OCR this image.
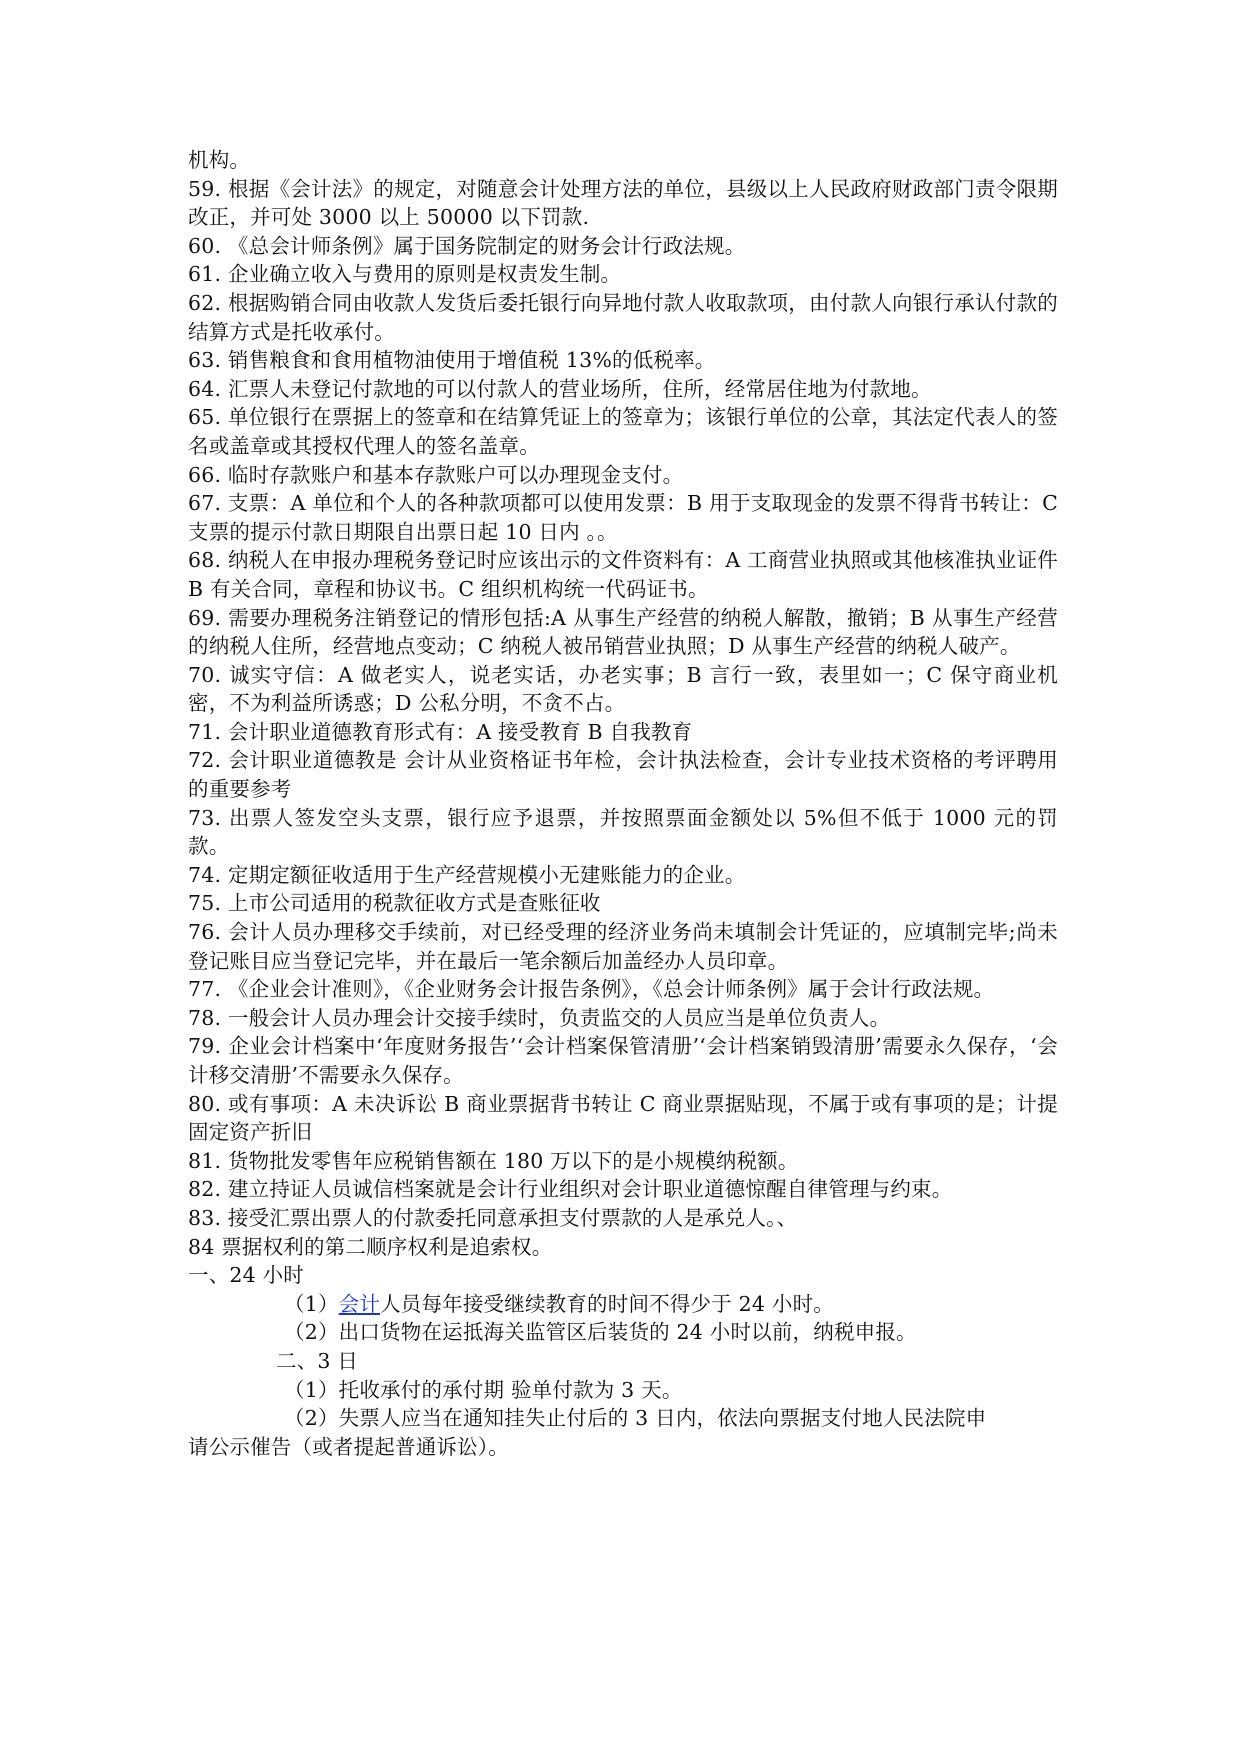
机构。

59. 根据《会计法》的规定，对随意会计处理方法的单位，县级以上人民政府财政部门责令限期改正，并可处 3000 以上 50000 以下罚款.

60. 《总会计师条例》属于国务院制定的财务会计行政法规。

61. 企业确立收入与费用的原则是权责发生制。

62. 根据购销合同由收款人发货后委托银行向异地付款人收取款项，由付款人向银行承认付款的结算方式是托收承付。

63. 销售粮食和食用植物油使用于增值税 13%的低税率。

64. 汇票人未登记付款地的可以付款人的营业场所，住所，经常居住地为付款地。

65. 单位银行在票据上的签章和在结算凭证上的签章为；该银行单位的公章，其法定代表人的签名或盖章或其授权代理人的签名盖章。

66. 临时存款账户和基本存款账户可以办理现金支付。

67. 支票：A 单位和个人的各种款项都可以使用发票：B 用于支取现金的发票不得背书转让：C 支票的提示付款日期限自出票日起 10 日内 。。

68. 纳税人在申报办理税务登记时应该出示的文件资料有：A 工商营业执照或其他核准执业证件 B 有关合同，章程和协议书。C 组织机构统一代码证书。

69. 需要办理税务注销登记的情形包括:A 从事生产经营的纳税人解散，撤销；B 从事生产经营的纳税人住所，经营地点变动；C 纳税人被吊销营业执照；D 从事生产经营的纳税人破产。

70. 诚实守信：A 做老实人，说老实话，办老实事；B 言行一致，表里如一；C 保守商业机密，不为利益所诱惑；D 公私分明，不贪不占。

71. 会计职业道德教育形式有：A 接受教育 B 自我教育

72. 会计职业道德教是 会计从业资格证书年检，会计执法检查，会计专业技术资格的考评聘用的重要参考

73. 出票人签发空头支票，银行应予退票，并按照票面金额处以 5%但不低于 1000 元的罚款。

74. 定期定额征收适用于生产经营规模小无建账能力的企业。

75. 上市公司适用的税款征收方式是查账征收

76. 会计人员办理移交手续前，对已经受理的经济业务尚未填制会计凭证的，应填制完毕;尚未登记账目应当登记完毕，并在最后一笔余额后加盖经办人员印章。

77. 《企业会计准则》，《企业财务会计报告条例》，《总会计师条例》属于会计行政法规。

78. 一般会计人员办理会计交接手续时，负责监交的人员应当是单位负责人。

79. 企业会计档案中‘年度财务报告’‘会计档案保管清册’‘会计档案销毁清册’需要永久保存，‘会计移交清册’不需要永久保存。

80. 或有事项：A 未决诉讼 B 商业票据背书转让 C 商业票据贴现，不属于或有事项的是；计提固定资产折旧

81. 货物批发零售年应税销售额在 180 万以下的是小规模纳税额。

82. 建立持证人员诚信档案就是会计行业组织对会计职业道德惊醒自律管理与约束。

83. 接受汇票出票人的付款委托同意承担支付票款的人是承兑人。、

84 票据权利的第二顺序权利是追索权。

一、24 小时

（1）会计人员每年接受继续教育的时间不得少于 24 小时。

（2）出口货物在运抵海关监管区后装货的 24 小时以前，纳税申报。

二、3 日

（1）托收承付的承付期 验单付款为 3 天。

（2）失票人应当在通知挂失止付后的 3 日内，依法向票据支付地人民法院申

请公示催告（或者提起普通诉讼）。
